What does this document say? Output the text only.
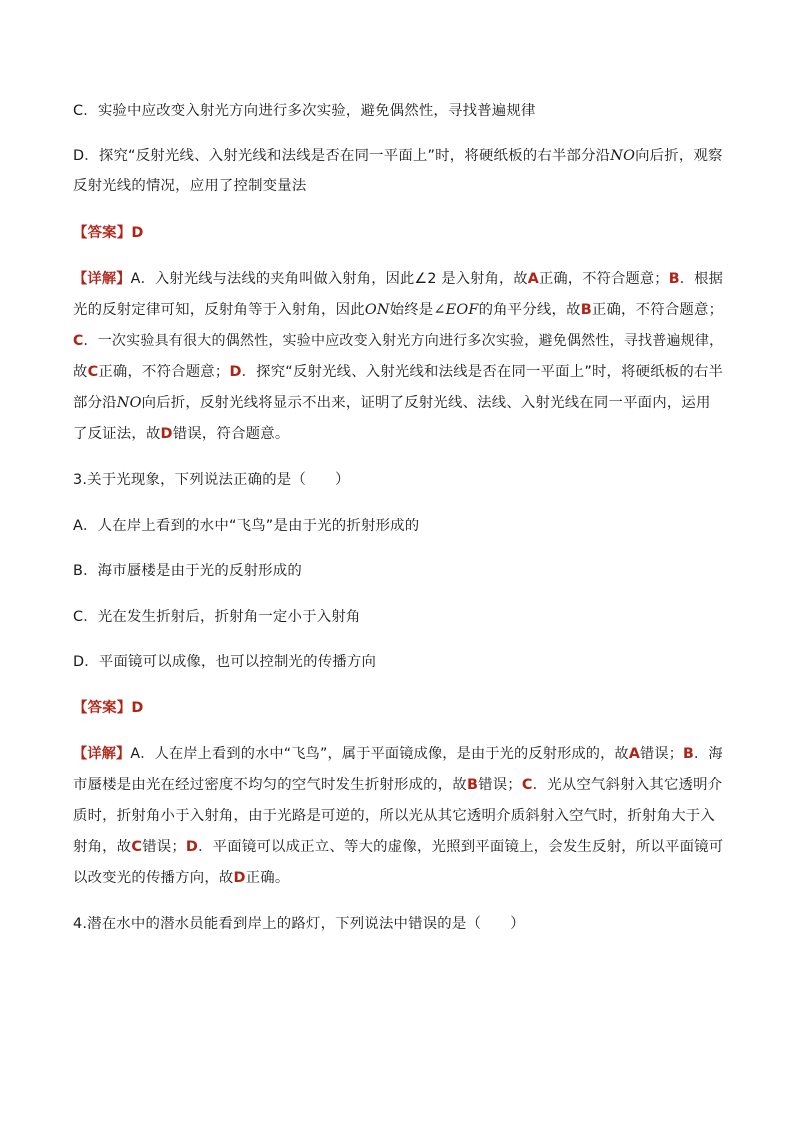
C．实验中应改变入射光方向进行多次实验，避免偶然性，寻找普遍规律
D．探究“反射光线、入射光线和法线是否在同一平面上”时，将硬纸板的右半部分沿NO向后折，观察
反射光线的情况，应用了控制变量法
【答案】D
【详解】A．入射光线与法线的夹角叫做入射角，因此∠2 是入射角，故A正确，不符合题意；B．根据
光的反射定律可知，反射角等于入射角，因此ON始终是∠EOF的角平分线，故B正确，不符合题意；
C．一次实验具有很大的偶然性，实验中应改变入射光方向进行多次实验，避免偶然性，寻找普遍规律，
故C正确，不符合题意；D．探究“反射光线、入射光线和法线是否在同一平面上”时，将硬纸板的右半
部分沿NO向后折，反射光线将显示不出来，证明了反射光线、法线、入射光线在同一平面内，运用
了反证法，故D错误，符合题意。
3.关于光现象，下列说法正确的是（　　）
A．人在岸上看到的水中“飞鸟”是由于光的折射形成的
B．海市蜃楼是由于光的反射形成的
C．光在发生折射后，折射角一定小于入射角
D．平面镜可以成像，也可以控制光的传播方向
【答案】D
【详解】A．人在岸上看到的水中“飞鸟”，属于平面镜成像，是由于光的反射形成的，故A错误；B．海
市蜃楼是由光在经过密度不均匀的空气时发生折射形成的，故B错误；C．光从空气斜射入其它透明介
质时，折射角小于入射角，由于光路是可逆的，所以光从其它透明介质斜射入空气时，折射角大于入
射角，故C错误；D．平面镜可以成正立、等大的虚像，光照到平面镜上，会发生反射，所以平面镜可
以改变光的传播方向，故D正确。
4.潜在水中的潜水员能看到岸上的路灯，下列说法中错误的是（　　）
